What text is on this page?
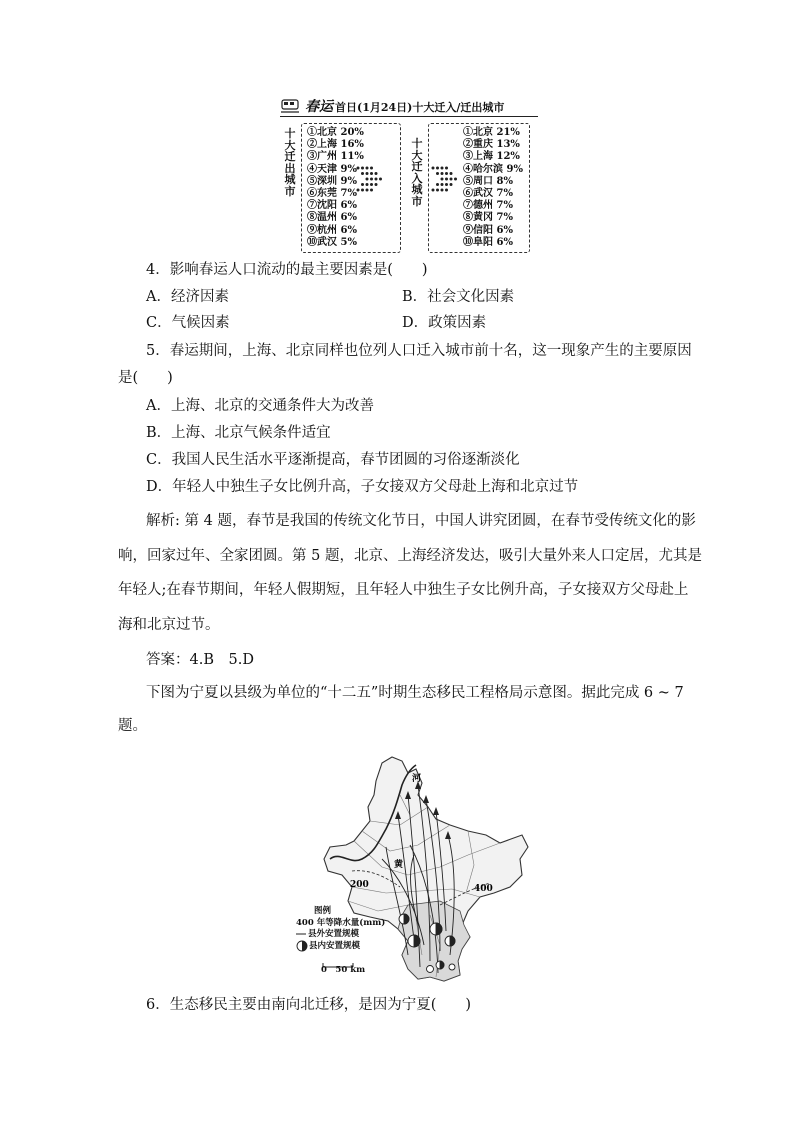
春运 首日(1月24日)十大迁入/迁出城市
十大迁出城市
①北京 20%
②上海 16%
③广州 11%
④天津 9%
⑤深圳 9%
⑥东莞 7%
⑦沈阳 6%
⑧温州 6%
⑨杭州 6%
⑩武汉 5%
十大迁入城市
①北京 21%
②重庆 13%
③上海 12%
④哈尔滨 9%
⑤周口 8%
⑥武汉 7%
⑦德州 7%
⑧黄冈 7%
⑨信阳 6%
⑩阜阳 6%
4．影响春运人口流动的最主要因素是(　　)
A．经济因素	B．社会文化因素
C．气候因素	D．政策因素
5．春运期间，上海、北京同样也位列人口迁入城市前十名，这一现象产生的主要原因
是(　　)
A．上海、北京的交通条件大为改善
B．上海、北京气候条件适宜
C．我国人民生活水平逐渐提高，春节团圆的习俗逐渐淡化
D．年轻人中独生子女比例升高，子女接双方父母赴上海和北京过节
解析: 第 4 题，春节是我国的传统文化节日，中国人讲究团圆，在春节受传统文化的影
响，回家过年、全家团圆。第 5 题，北京、上海经济发达，吸引大量外来人口定居，尤其是
年轻人;在春节期间，年轻人假期短，且年轻人中独生子女比例升高，子女接双方父母赴上
海和北京过节。
答案：4.B　5.D
下图为宁夏以县级为单位的“十二五”时期生态移民工程格局示意图。据此完成 6 ~ 7
题。
黄
河
200	400
图例
400 年等降水量(mm)
县外安置规模
县内安置规模
0　50 km
6．生态移民主要由南向北迁移，是因为宁夏(　　)
